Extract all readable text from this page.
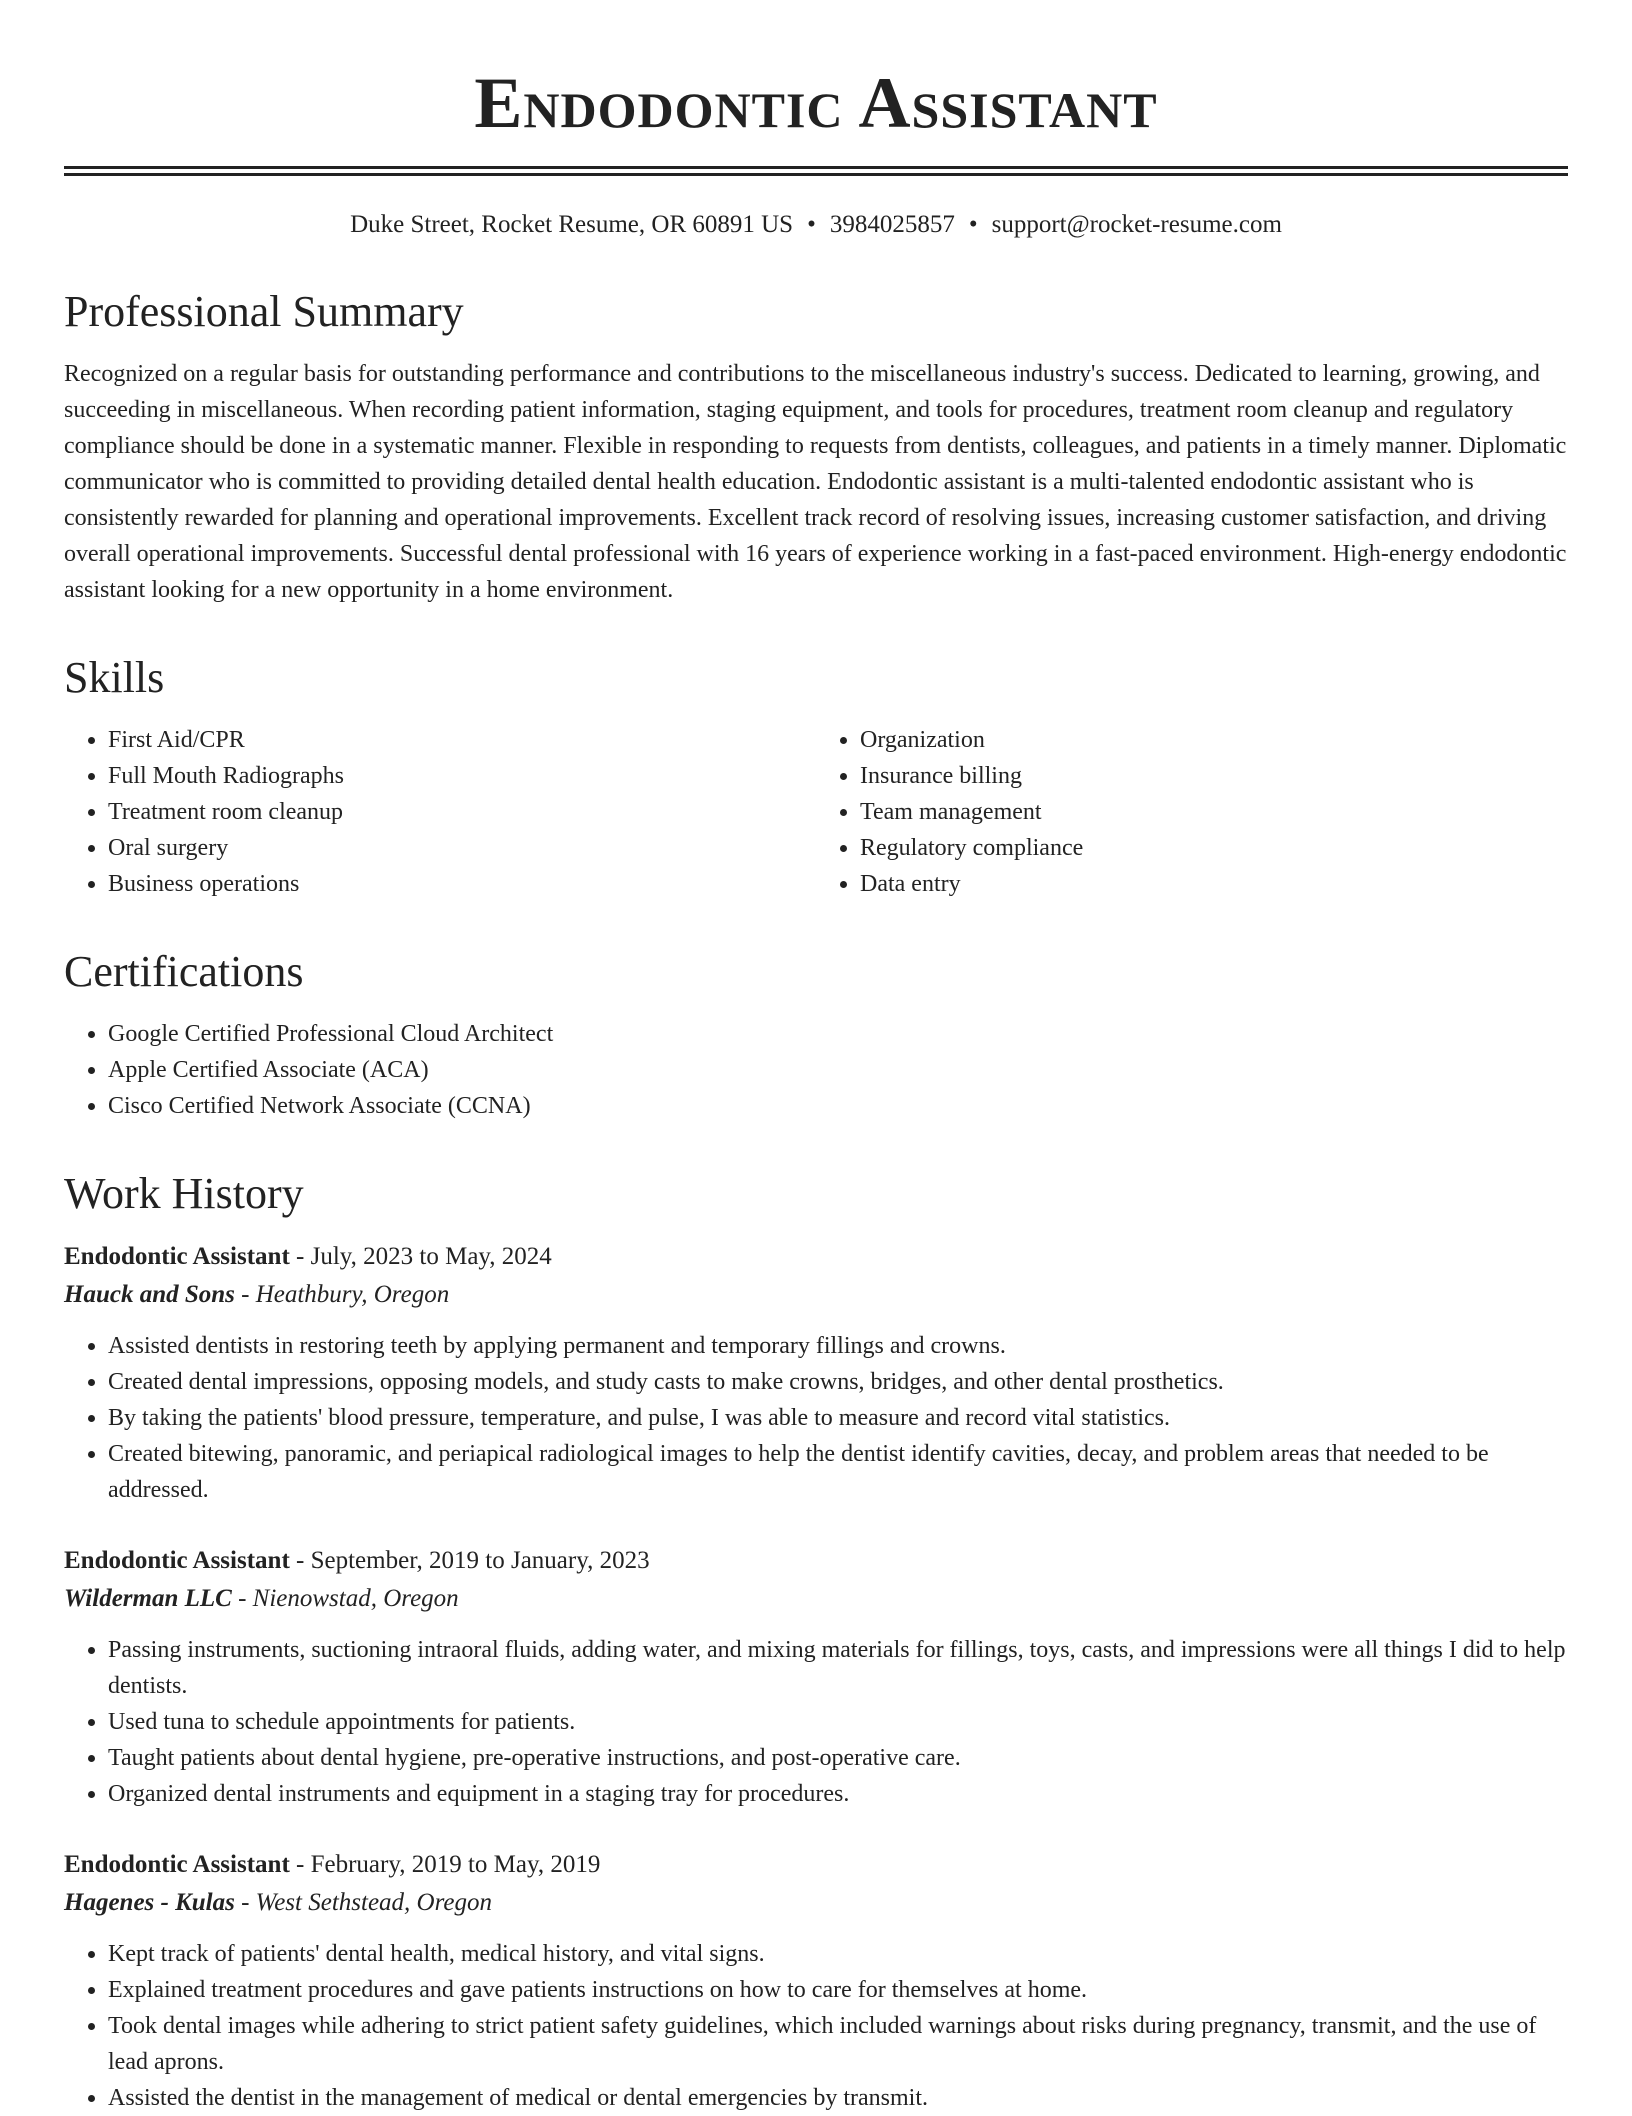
Endodontic Assistant
Duke Street, Rocket Resume, OR 60891 US • 3984025857 • support@rocket-resume.com
Professional Summary

Recognized on a regular basis for outstanding performance and contributions to the miscellaneous industry's success. Dedicated to learning, growing, and succeeding in miscellaneous. When recording patient information, staging equipment, and tools for procedures, treatment room cleanup and regulatory compliance should be done in a systematic manner. Flexible in responding to requests from dentists, colleagues, and patients in a timely manner. Diplomatic communicator who is committed to providing detailed dental health education. Endodontic assistant is a multi-talented endodontic assistant who is consistently rewarded for planning and operational improvements. Excellent track record of resolving issues, increasing customer satisfaction, and driving overall operational improvements. Successful dental professional with 16 years of experience working in a fast-paced environment. High-energy endodontic assistant looking for a new opportunity in a home environment.

Skills
• First Aid/CPR
• Full Mouth Radiographs
• Treatment room cleanup
• Oral surgery
• Business operations
• Organization
• Insurance billing
• Team management
• Regulatory compliance
• Data entry
Certifications
• Google Certified Professional Cloud Architect
• Apple Certified Associate (ACA)
• Cisco Certified Network Associate (CCNA)
Work History
Endodontic Assistant - July, 2023 to May, 2024
Hauck and Sons - Heathbury, Oregon
• Assisted dentists in restoring teeth by applying permanent and temporary fillings and crowns.
• Created dental impressions, opposing models, and study casts to make crowns, bridges, and other dental prosthetics.
• By taking the patients' blood pressure, temperature, and pulse, I was able to measure and record vital statistics.
• Created bitewing, panoramic, and periapical radiological images to help the dentist identify cavities, decay, and problem areas that needed to be addressed.
Endodontic Assistant - September, 2019 to January, 2023
Wilderman LLC - Nienowstad, Oregon
• Passing instruments, suctioning intraoral fluids, adding water, and mixing materials for fillings, toys, casts, and impressions were all things I did to help dentists.
• Used tuna to schedule appointments for patients.
• Taught patients about dental hygiene, pre-operative instructions, and post-operative care.
• Organized dental instruments and equipment in a staging tray for procedures.
Endodontic Assistant - February, 2019 to May, 2019
Hagenes - Kulas - West Sethstead, Oregon
• Kept track of patients' dental health, medical history, and vital signs.
• Explained treatment procedures and gave patients instructions on how to care for themselves at home.
• Took dental images while adhering to strict patient safety guidelines, which included warnings about risks during pregnancy, transmit, and the use of lead aprons.
• Assisted the dentist in the management of medical or dental emergencies by transmit.
